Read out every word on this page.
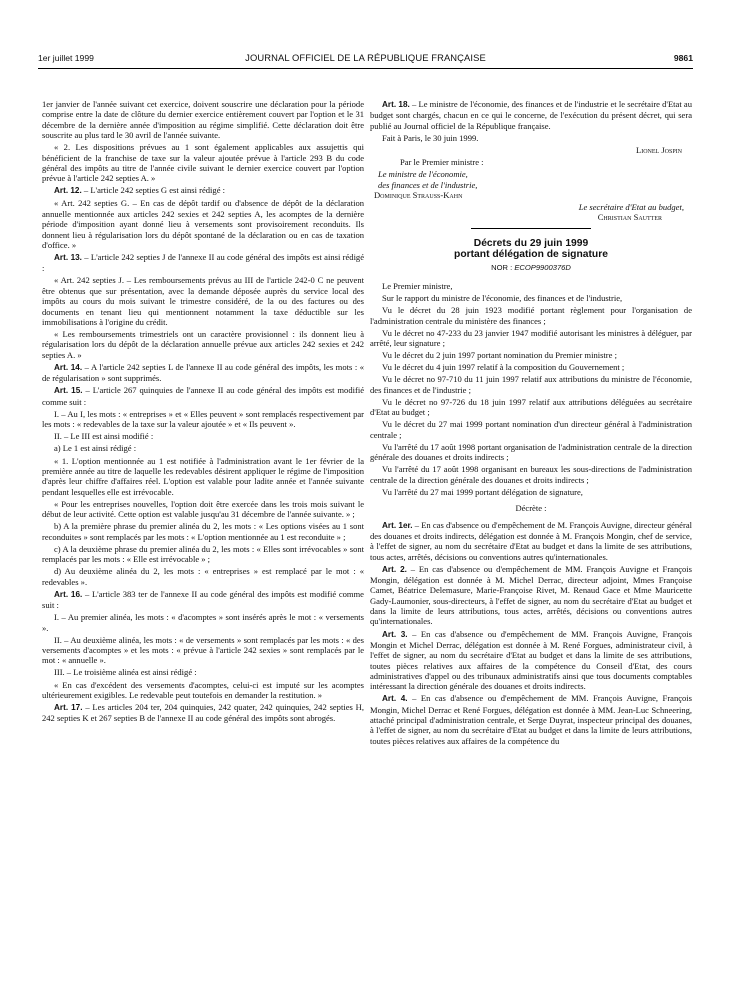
1er juillet 1999	JOURNAL OFFICIEL DE LA RÉPUBLIQUE FRANÇAISE	9861

1er janvier de l'année suivant cet exercice, doivent souscrire une déclaration pour la période comprise entre la date de clôture du dernier exercice entièrement couvert par l'option et le 31 décembre de la dernière année d'imposition au régime simplifié. Cette déclaration doit être souscrite au plus tard le 30 avril de l'année suivante.

« 2. Les dispositions prévues au 1 sont également applicables aux assujettis qui bénéficient de la franchise de taxe sur la valeur ajoutée prévue à l'article 293 B du code général des impôts au titre de l'année civile suivant le dernier exercice couvert par l'option prévue à l'article 242 septies A. »

Art. 12. – L'article 242 septies G est ainsi rédigé :

« Art. 242 septies G. – En cas de dépôt tardif ou d'absence de dépôt de la déclaration annuelle mentionnée aux articles 242 sexies et 242 septies A, les acomptes de la dernière période d'imposition ayant donné lieu à versements sont provisoirement reconduits. Ils donnent lieu à régularisation lors du dépôt spontané de la déclaration ou en cas de taxation d'office. »

Art. 13. – L'article 242 septies J de l'annexe II au code général des impôts est ainsi rédigé :

« Art. 242 septies J. – Les remboursements prévus au III de l'article 242-0 C ne peuvent être obtenus que sur présentation, avec la demande déposée auprès du service local des impôts au cours du mois suivant le trimestre considéré, de la ou des factures ou des documents en tenant lieu qui mentionnent notamment la taxe déductible sur les immobilisations à l'origine du crédit.

« Les remboursements trimestriels ont un caractère provisionnel : ils donnent lieu à régularisation lors du dépôt de la déclaration annuelle prévue aux articles 242 sexies et 242 septies A. »

Art. 14. – A l'article 242 septies L de l'annexe II au code général des impôts, les mots : « de régularisation » sont supprimés.

Art. 15. – L'article 267 quinquies de l'annexe II au code général des impôts est modifié comme suit :

I. – Au I, les mots : « entreprises » et « Elles peuvent » sont remplacés respectivement par les mots : « redevables de la taxe sur la valeur ajoutée » et « Ils peuvent ».

II. – Le III est ainsi modifié :

a) Le 1 est ainsi rédigé :

« 1. L'option mentionnée au 1 est notifiée à l'administration avant le 1er février de la première année au titre de laquelle les redevables désirent appliquer le régime de l'imposition d'après leur chiffre d'affaires réel. L'option est valable pour ladite année et l'année suivante pendant lesquelles elle est irrévocable.

« Pour les entreprises nouvelles, l'option doit être exercée dans les trois mois suivant le début de leur activité. Cette option est valable jusqu'au 31 décembre de l'année suivante. » ;

b) A la première phrase du premier alinéa du 2, les mots : « Les options visées au 1 sont reconduites » sont remplacés par les mots : « L'option mentionnée au 1 est reconduite » ;

c) A la deuxième phrase du premier alinéa du 2, les mots : « Elles sont irrévocables » sont remplacés par les mots : « Elle est irrévocable » ;

d) Au deuxième alinéa du 2, les mots : « entreprises » est remplacé par le mot : « redevables ».

Art. 16. – L'article 383 ter de l'annexe II au code général des impôts est modifié comme suit :

I. – Au premier alinéa, les mots : « d'acomptes » sont insérés après le mot : « versements ».

II. – Au deuxième alinéa, les mots : « de versements » sont remplacés par les mots : « des versements d'acomptes » et les mots : « prévue à l'article 242 sexies » sont remplacés par le mot : « annuelle ».

III. – Le troisième alinéa est ainsi rédigé :

« En cas d'excédent des versements d'acomptes, celui-ci est imputé sur les acomptes ultérieurement exigibles. Le redevable peut toutefois en demander la restitution. »

Art. 17. – Les articles 204 ter, 204 quinquies, 242 quater, 242 quinquies, 242 septies H, 242 septies K et 267 septies B de l'annexe II au code général des impôts sont abrogés.

Art. 18. – Le ministre de l'économie, des finances et de l'industrie et le secrétaire d'Etat au budget sont chargés, chacun en ce qui le concerne, de l'exécution du présent décret, qui sera publié au Journal officiel de la République française.

Fait à Paris, le 30 juin 1999.

Lionel Jospin

Par le Premier ministre :

Le ministre de l'économie,

des finances et de l'industrie,

Dominique Strauss-Kahn

Le secrétaire d'Etat au budget,

Christian Sautter

Décrets du 29 juin 1999
portant délégation de signature
NOR : ECOP9900376D

Le Premier ministre,

Sur le rapport du ministre de l'économie, des finances et de l'industrie,

Vu le décret du 28 juin 1923 modifié portant règlement pour l'organisation de l'administration centrale du ministère des finances ;

Vu le décret no 47-233 du 23 janvier 1947 modifié autorisant les ministres à déléguer, par arrêté, leur signature ;

Vu le décret du 2 juin 1997 portant nomination du Premier ministre ;

Vu le décret du 4 juin 1997 relatif à la composition du Gouvernement ;

Vu le décret no 97-710 du 11 juin 1997 relatif aux attributions du ministre de l'économie, des finances et de l'industrie ;

Vu le décret no 97-726 du 18 juin 1997 relatif aux attributions déléguées au secrétaire d'Etat au budget ;

Vu le décret du 27 mai 1999 portant nomination d'un directeur général à l'administration centrale ;

Vu l'arrêté du 17 août 1998 portant organisation de l'administration centrale de la direction générale des douanes et droits indirects ;

Vu l'arrêté du 17 août 1998 organisant en bureaux les sous-directions de l'administration centrale de la direction générale des douanes et droits indirects ;

Vu l'arrêté du 27 mai 1999 portant délégation de signature,

Décrète :

Art. 1er. – En cas d'absence ou d'empêchement de M. François Auvigne, directeur général des douanes et droits indirects, délégation est donnée à M. François Mongin, chef de service, à l'effet de signer, au nom du secrétaire d'Etat au budget et dans la limite de ses attributions, tous actes, arrêtés, décisions ou conventions autres qu'internationales.

Art. 2. – En cas d'absence ou d'empêchement de MM. François Auvigne et François Mongin, délégation est donnée à M. Michel Derrac, directeur adjoint, Mmes Françoise Camet, Béatrice Delemasure, Marie-Françoise Rivet, M. Renaud Gace et Mme Mauricette Gady-Laumonier, sous-directeurs, à l'effet de signer, au nom du secrétaire d'Etat au budget et dans la limite de leurs attributions, tous actes, arrêtés, décisions ou conventions autres qu'internationales.

Art. 3. – En cas d'absence ou d'empêchement de MM. François Auvigne, François Mongin et Michel Derrac, délégation est donnée à M. René Forgues, administrateur civil, à l'effet de signer, au nom du secrétaire d'Etat au budget et dans la limite de ses attributions, toutes pièces relatives aux affaires de la compétence du Conseil d'Etat, des cours administratives d'appel ou des tribunaux administratifs ainsi que tous documents comptables intéressant la direction générale des douanes et droits indirects.

Art. 4. – En cas d'absence ou d'empêchement de MM. François Auvigne, François Mongin, Michel Derrac et René Forgues, délégation est donnée à MM. Jean-Luc Schneering, attaché principal d'administration centrale, et Serge Duyrat, inspecteur principal des douanes, à l'effet de signer, au nom du secrétaire d'Etat au budget et dans la limite de leurs attributions, toutes pièces relatives aux affaires de la compétence du
